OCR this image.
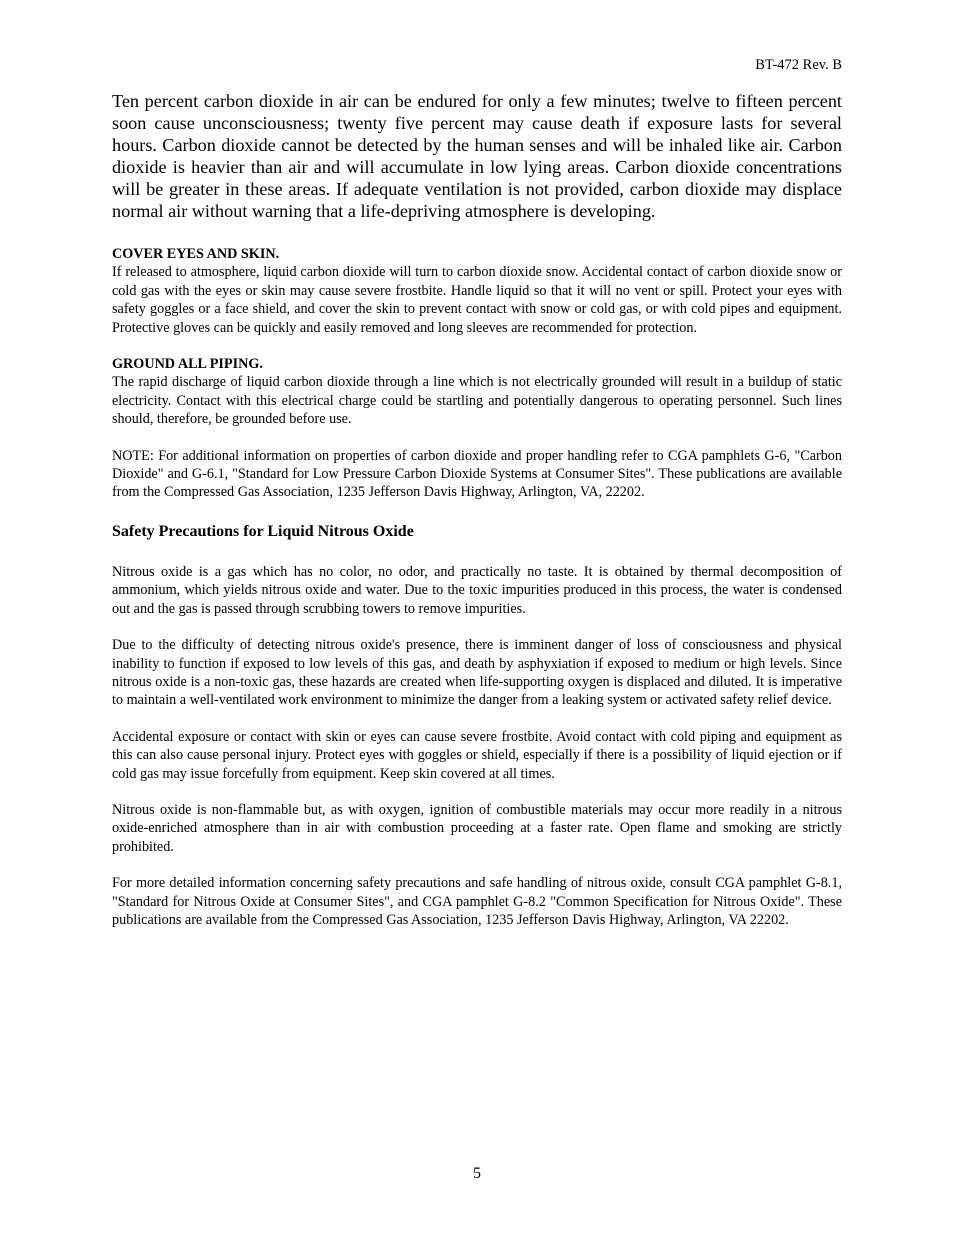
BT-472 Rev. B

Ten percent carbon dioxide in air can be endured for only a few minutes; twelve to fifteen percent soon cause unconsciousness; twenty five percent may cause death if exposure lasts for several hours. Carbon dioxide cannot be detected by the human senses and will be inhaled like air. Carbon dioxide is heavier than air and will accumulate in low lying areas. Carbon dioxide concentrations will be greater in these areas. If adequate ventilation is not provided, carbon dioxide may displace normal air without warning that a life-depriving atmosphere is developing.

COVER EYES AND SKIN.

If released to atmosphere, liquid carbon dioxide will turn to carbon dioxide snow. Accidental contact of carbon dioxide snow or cold gas with the eyes or skin may cause severe frostbite. Handle liquid so that it will no vent or spill. Protect your eyes with safety goggles or a face shield, and cover the skin to prevent contact with snow or cold gas, or with cold pipes and equipment. Protective gloves can be quickly and easily removed and long sleeves are recommended for protection.

GROUND ALL PIPING.

The rapid discharge of liquid carbon dioxide through a line which is not electrically grounded will result in a buildup of static electricity. Contact with this electrical charge could be startling and potentially dangerous to operating personnel. Such lines should, therefore, be grounded before use.

NOTE: For additional information on properties of carbon dioxide and proper handling refer to CGA pamphlets G-6, "Carbon Dioxide" and G-6.1, "Standard for Low Pressure Carbon Dioxide Systems at Consumer Sites". These publications are available from the Compressed Gas Association, 1235 Jefferson Davis Highway, Arlington, VA, 22202.

Safety Precautions for Liquid Nitrous Oxide

Nitrous oxide is a gas which has no color, no odor, and practically no taste. It is obtained by thermal decomposition of ammonium, which yields nitrous oxide and water. Due to the toxic impurities produced in this process, the water is condensed out and the gas is passed through scrubbing towers to remove impurities.

Due to the difficulty of detecting nitrous oxide's presence, there is imminent danger of loss of consciousness and physical inability to function if exposed to low levels of this gas, and death by asphyxiation if exposed to medium or high levels. Since nitrous oxide is a non-toxic gas, these hazards are created when life-supporting oxygen is displaced and diluted. It is imperative to maintain a well-ventilated work environment to minimize the danger from a leaking system or activated safety relief device.

Accidental exposure or contact with skin or eyes can cause severe frostbite. Avoid contact with cold piping and equipment as this can also cause personal injury. Protect eyes with goggles or shield, especially if there is a possibility of liquid ejection or if cold gas may issue forcefully from equipment. Keep skin covered at all times.

Nitrous oxide is non-flammable but, as with oxygen, ignition of combustible materials may occur more readily in a nitrous oxide-enriched atmosphere than in air with combustion proceeding at a faster rate. Open flame and smoking are strictly prohibited.

For more detailed information concerning safety precautions and safe handling of nitrous oxide, consult CGA pamphlet G-8.1, "Standard for Nitrous Oxide at Consumer Sites", and CGA pamphlet G-8.2 "Common Specification for Nitrous Oxide". These publications are available from the Compressed Gas Association, 1235 Jefferson Davis Highway, Arlington, VA 22202.

5
